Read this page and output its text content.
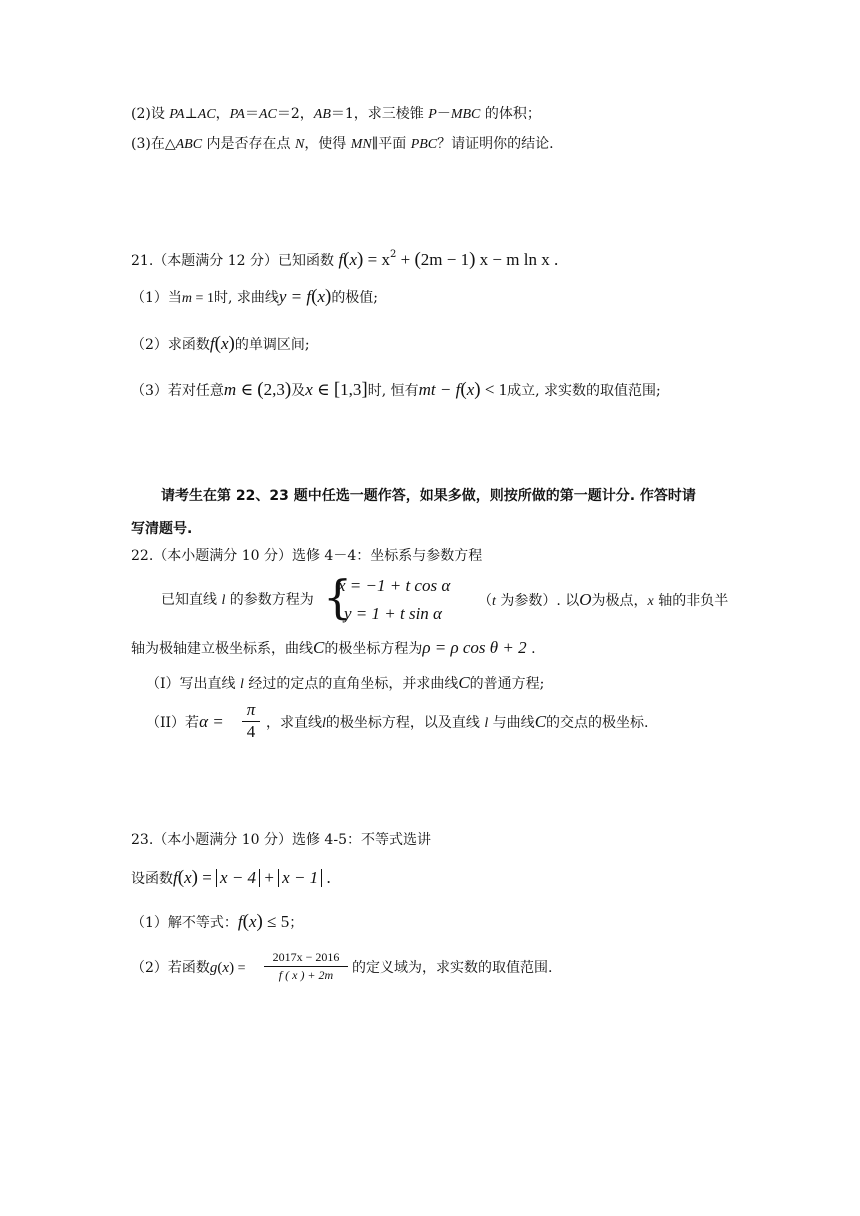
(2)设 PA⊥AC，PA＝AC＝2，AB＝1，求三棱锥 P－MBC 的体积；
(3)在△ABC 内是否存在点 N，使得 MN∥平面 PBC？请证明你的结论.
21.（本题满分 12 分）已知函数 $f(x) = x^2 + (2m - 1) x - m$ ln x .
（1）当m = 1时, 求曲线y = f(x)的极值;
（2）求函数f(x)的单调区间;
（3）若对任意m ∈ (2,3)及x ∈ [1,3]时, 恒有mt − f(x) < 1成立, 求实数的取值范围;
请考生在第 22、23 题中任选一题作答，如果多做，则按所做的第一题计分. 作答时请
写清题号.
22.（本小题满分 10 分）选修 4－4：坐标系与参数方程
已知直线 l 的参数方程为 {
x = −1 + t cos α
y = 1 + t sin α
（t 为参数）. 以O为极点，x 轴的非负半
轴为极轴建立极坐标系，曲线C的极坐标方程为ρ = ρ cos θ + 2 .
（I）写出直线 l 经过的定点的直角坐标，并求曲线C的普通方程;
（II）若α =
π
4 ，求直线l的极坐标方程，以及直线 l 与曲线C的交点的极坐标.
23.（本小题满分 10 分）选修 4-5：不等式选讲
设函数f(x) = x − 4 + x − 1 .
（1）解不等式：f(x) ≤ 5；
（2）若函数g(x) =
2017x − 2016
f ( x ) + 2m	的定义域为，求实数的取值范围.
